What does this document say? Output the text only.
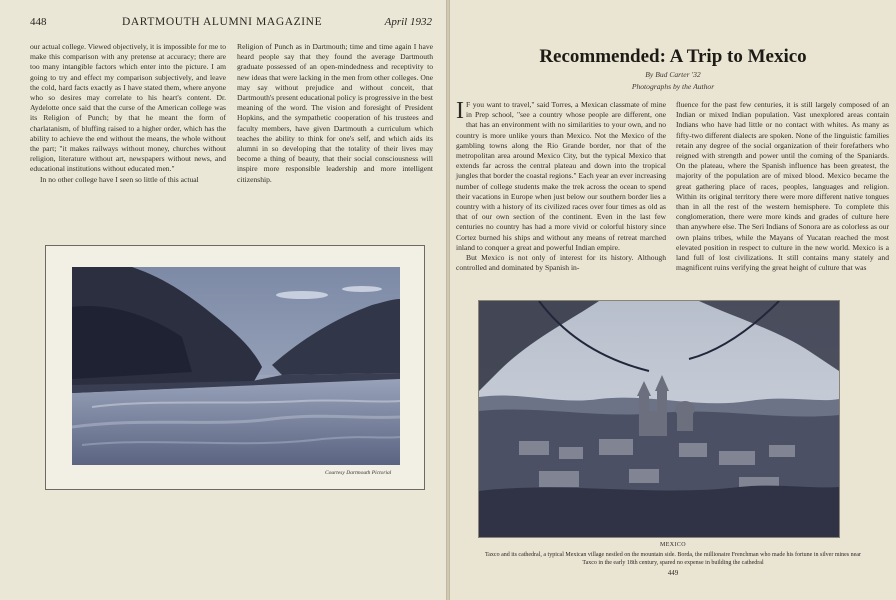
448	DARTMOUTH ALUMNI MAGAZINE	April 1932

our actual college. Viewed objectively, it is impossible for me to make this comparison with any pretense at accuracy; there are too many intangible factors which enter into the picture. I am going to try and effect my comparison subjectively, and leave the cold, hard facts exactly as I have stated them, where anyone who so desires may correlate to his heart's content. Dr. Aydelotte once said that the curse of the American college was its Religion of Punch; by that he meant the form of charlatanism, of bluffing raised to a higher order, which has the ability to achieve the end without the means, the whole without the part; "it makes railways without money, churches without religion, literature without art, newspapers without news, and educational institutions without educated men."

In no other college have I seen so little of this actual

Religion of Punch as in Dartmouth; time and time again I have heard people say that they found the average Dartmouth graduate possessed of an open-mindedness and receptivity to new ideas that were lacking in the men from other colleges. One may say without prejudice and without conceit, that Dartmouth's present educational policy is progressive in the best meaning of the word. The vision and foresight of President Hopkins, and the sympathetic cooperation of his trustees and faculty members, have given Dartmouth a curriculum which teaches the ability to think for one's self, and which aids its alumni in so developing that the totality of their lives may become a thing of beauty, that their social consciousness will inspire more responsible leadership and more intelligent citizenship.

Courtesy Dartmouth Pictorial
Recommended: A Trip to Mexico
By Bud Carter '32
Photographs by the Author

I F you want to travel," said Torres, a Mexican classmate of mine in Prep school, "see a country whose people are different, one that has an environment with no similarities to your own, and no country is more unlike yours than Mexico. Not the Mexico of the gambling towns along the Rio Grande border, nor that of the metropolitan area around Mexico City, but the typical Mexico that extends far across the central plateau and down into the tropical jungles that border the coastal regions." Each year an ever increasing number of college students make the trek across the ocean to spend their vacations in Europe when just below our southern border lies a country with a history of its civilized races over four times as old as that of our own section of the continent. Even in the last few centuries no country has had a more vivid or colorful history since Cortez burned his ships and without any means of retreat marched inland to conquer a great and powerful Indian empire.

But Mexico is not only of interest for its history. Although controlled and dominated by Spanish in-

fluence for the past few centuries, it is still largely composed of an Indian or mixed Indian population. Vast unexplored areas contain Indians who have had little or no contact with whites. As many as fifty-two different dialects are spoken. None of the linguistic families retain any degree of the social organization of their forefathers who reigned with strength and power until the coming of the Spaniards. On the plateau, where the Spanish influence has been greatest, the majority of the population are of mixed blood. Mexico became the great gathering place of races, peoples, languages and religion. Within its original territory there were more different native tongues than in all the rest of the western hemisphere. To complete this conglomeration, there were more kinds and grades of culture here than anywhere else. The Seri Indians of Sonora are as colorless as our own plains tribes, while the Mayans of Yucatan reached the most elevated position in respect to culture in the new world. Mexico is a land full of lost civilizations. It still contains many stately and magnificent ruins verifying the great height of culture that was

MEXICO
Taxco and its cathedral, a typical Mexican village nestled on the mountain side. Borda, the millionaire Frenchman who made his fortune in silver mines near Taxco in the early 18th century, spared no expense in building the cathedral
449
